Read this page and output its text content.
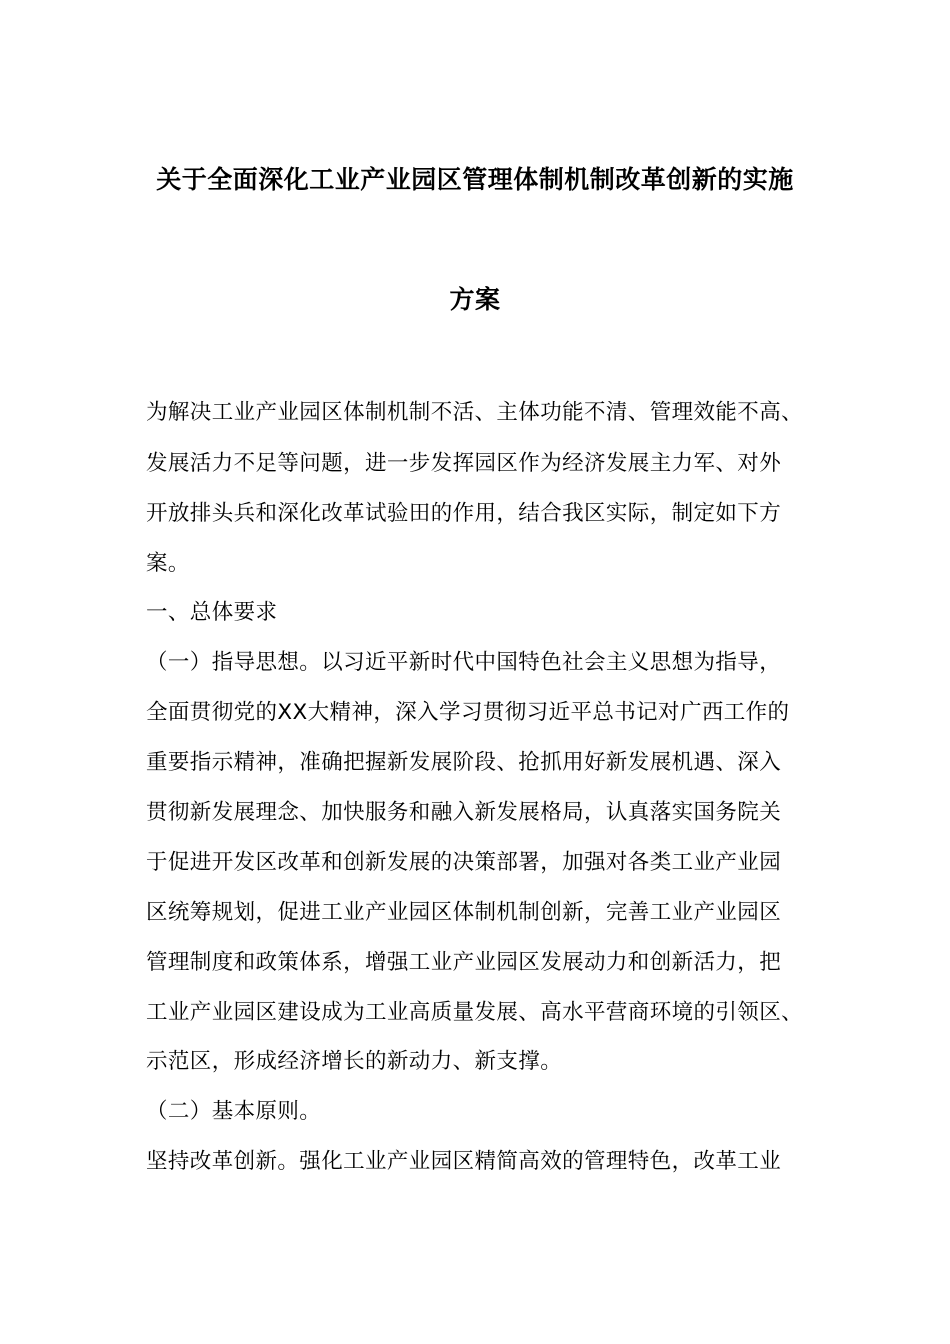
关于全面深化工业产业园区管理体制机制改革创新的实施
方案
为解决工业产业园区体制机制不活、主体功能不清、管理效能不高、
发展活力不足等问题，进一步发挥园区作为经济发展主力军、对外
开放排头兵和深化改革试验田的作用，结合我区实际，制定如下方
案。
一、总体要求
（一）指导思想。以习近平新时代中国特色社会主义思想为指导，
全面贯彻党的XX大精神，深入学习贯彻习近平总书记对广西工作的
重要指示精神，准确把握新发展阶段、抢抓用好新发展机遇、深入
贯彻新发展理念、加快服务和融入新发展格局，认真落实国务院关
于促进开发区改革和创新发展的决策部署，加强对各类工业产业园
区统筹规划，促进工业产业园区体制机制创新，完善工业产业园区
管理制度和政策体系，增强工业产业园区发展动力和创新活力，把
工业产业园区建设成为工业高质量发展、高水平营商环境的引领区、
示范区，形成经济增长的新动力、新支撑。
（二）基本原则。
坚持改革创新。强化工业产业园区精简高效的管理特色，改革工业
